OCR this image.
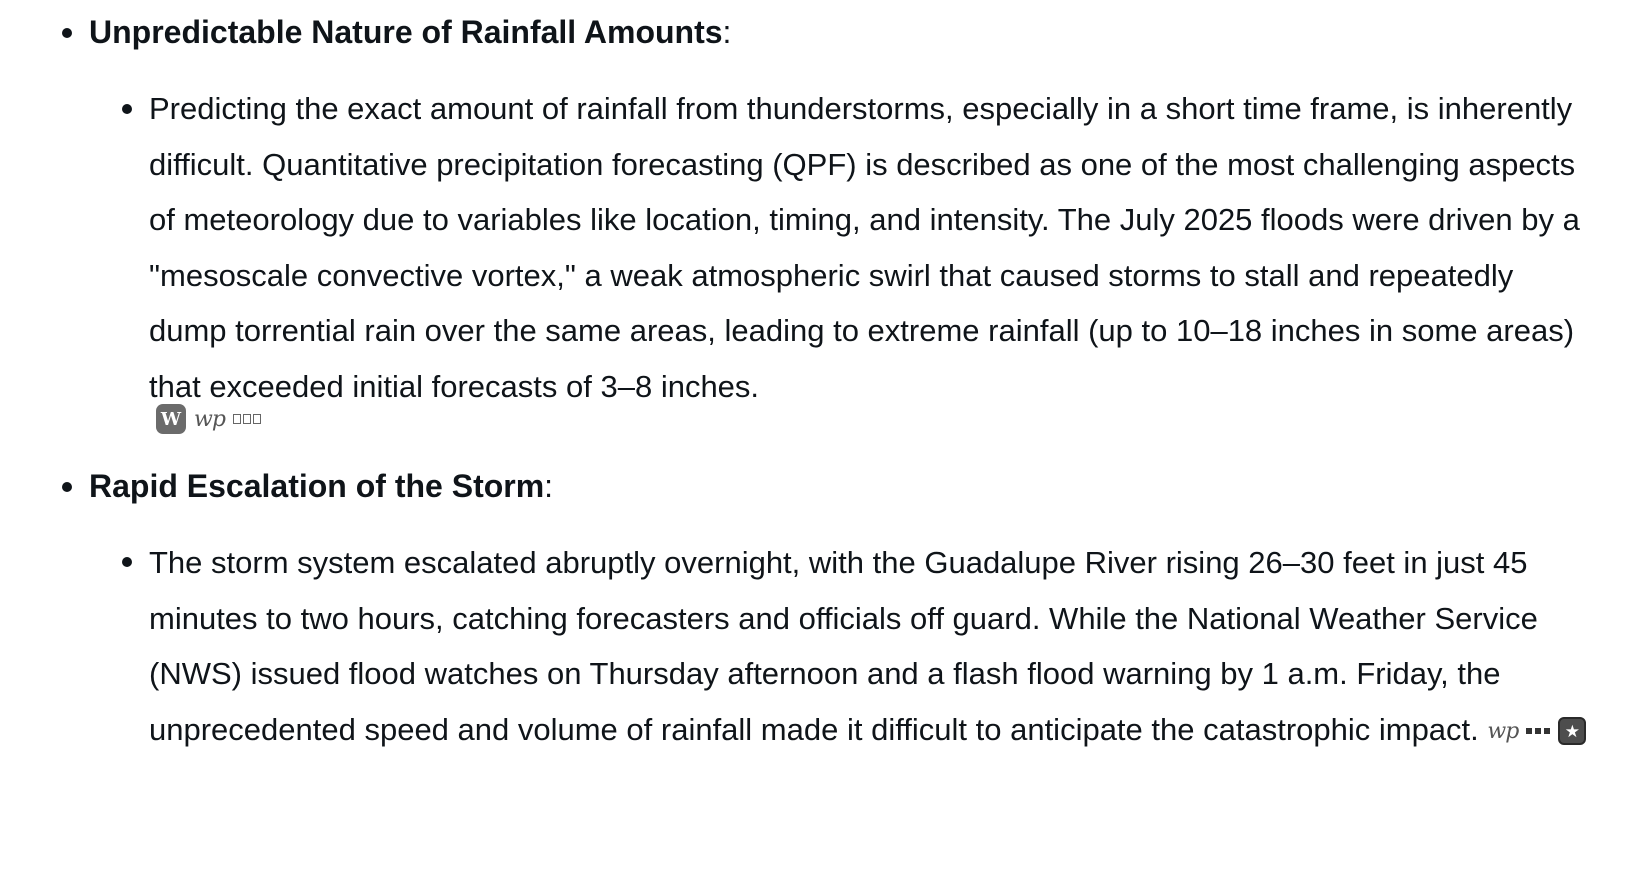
Unpredictable Nature of Rainfall Amounts:
Predicting the exact amount of rainfall from thunderstorms, especially in a short time frame, is inherently difficult. Quantitative precipitation forecasting (QPF) is described as one of the most challenging aspects of meteorology due to variables like location, timing, and intensity. The July 2025 floods were driven by a "mesoscale convective vortex," a weak atmospheric swirl that caused storms to stall and repeatedly dump torrential rain over the same areas, leading to extreme rainfall (up to 10–18 inches in some areas) that exceeded initial forecasts of 3–8 inches.
W wp
Rapid Escalation of the Storm:
The storm system escalated abruptly overnight, with the Guadalupe River rising 26–30 feet in just 45 minutes to two hours, catching forecasters and officials off guard. While the National Weather Service (NWS) issued flood watches on Thursday afternoon and a flash flood warning by 1 a.m. Friday, the unprecedented speed and volume of rainfall made it difficult to anticipate the catastrophic impact. wp	★
